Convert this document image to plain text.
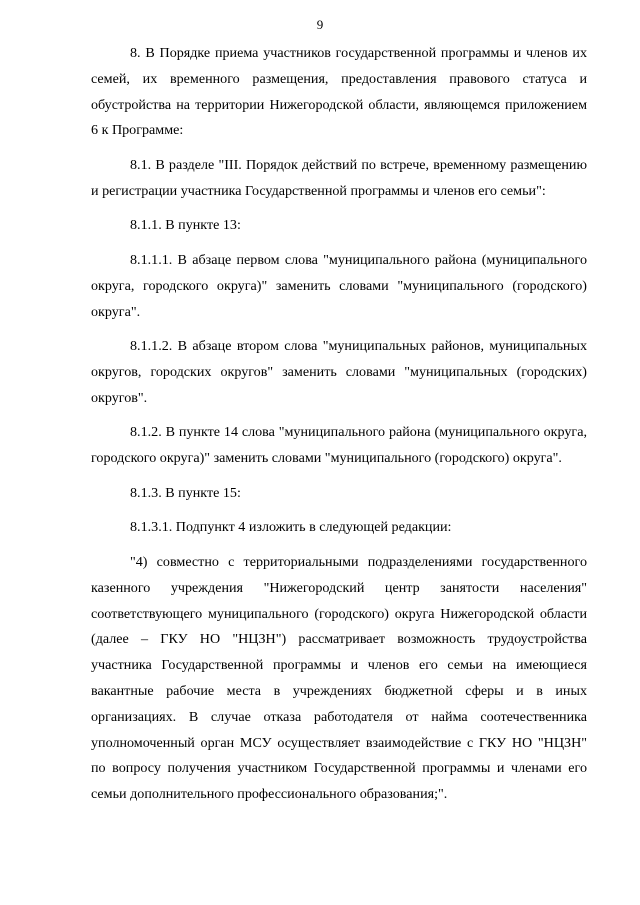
9

8. В Порядке приема участников государственной программы и членов их семей, их временного размещения, предоставления правового статуса и обустройства на территории Нижегородской области, являющемся приложением 6 к Программе:

8.1. В разделе "III. Порядок действий по встрече, временному размещению и регистрации участника Государственной программы и членов его семьи":

8.1.1. В пункте 13:

8.1.1.1. В абзаце первом слова "муниципального района (муниципального округа, городского округа)" заменить словами "муниципального (городского) округа".

8.1.1.2. В абзаце втором слова "муниципальных районов, муниципальных округов, городских округов" заменить словами "муниципальных (городских) округов".

8.1.2. В пункте 14 слова "муниципального района (муниципального округа, городского округа)" заменить словами "муниципального (городского) округа".

8.1.3. В пункте 15:

8.1.3.1. Подпункт 4 изложить в следующей редакции:

"4) совместно с территориальными подразделениями государственного казенного учреждения "Нижегородский центр занятости населения" соответствующего муниципального (городского) округа Нижегородской области (далее – ГКУ НО "НЦЗН") рассматривает возможность трудоустройства участника Государственной программы и членов его семьи на имеющиеся вакантные рабочие места в учреждениях бюджетной сферы и в иных организациях. В случае отказа работодателя от найма соотечественника уполномоченный орган МСУ осуществляет взаимодействие с ГКУ НО "НЦЗН" по вопросу получения участником Государственной программы и членами его семьи дополнительного профессионального образования;".
